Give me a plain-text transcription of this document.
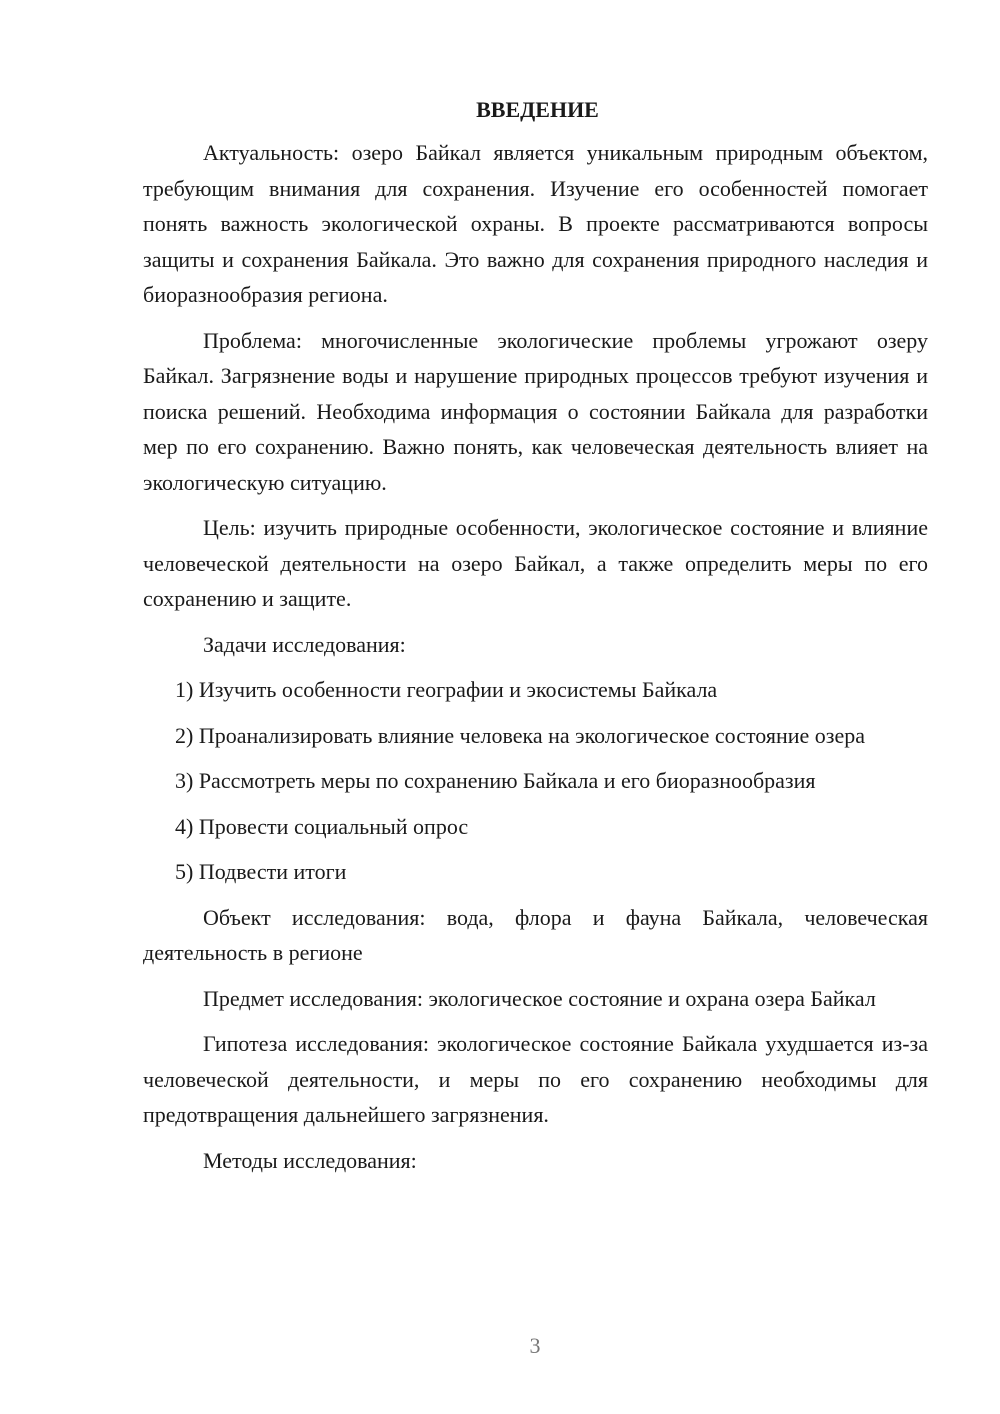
ВВЕДЕНИЕ

Актуальность: озеро Байкал является уникальным природным объектом, требующим внимания для сохранения. Изучение его особенностей помогает понять важность экологической охраны. В проекте рассматриваются вопросы защиты и сохранения Байкала. Это важно для сохранения природного наследия и биоразнообразия региона.

Проблема: многочисленные экологические проблемы угрожают озеру Байкал. Загрязнение воды и нарушение природных процессов требуют изучения и поиска решений. Необходима информация о состоянии Байкала для разработки мер по его сохранению. Важно понять, как человеческая деятельность влияет на экологическую ситуацию.

Цель: изучить природные особенности, экологическое состояние и влияние человеческой деятельности на озеро Байкал, а также определить меры по его сохранению и защите.

Задачи исследования:

1) Изучить особенности географии и экосистемы Байкала

2) Проанализировать влияние человека на экологическое состояние озера

3) Рассмотреть меры по сохранению Байкала и его биоразнообразия

4) Провести социальный опрос

5) Подвести итоги

Объект исследования: вода, флора и фауна Байкала, человеческая деятельность в регионе

Предмет исследования: экологическое состояние и охрана озера Байкал

Гипотеза исследования: экологическое состояние Байкала ухудшается из-за человеческой деятельности, и меры по его сохранению необходимы для предотвращения дальнейшего загрязнения.

Методы исследования:

3
